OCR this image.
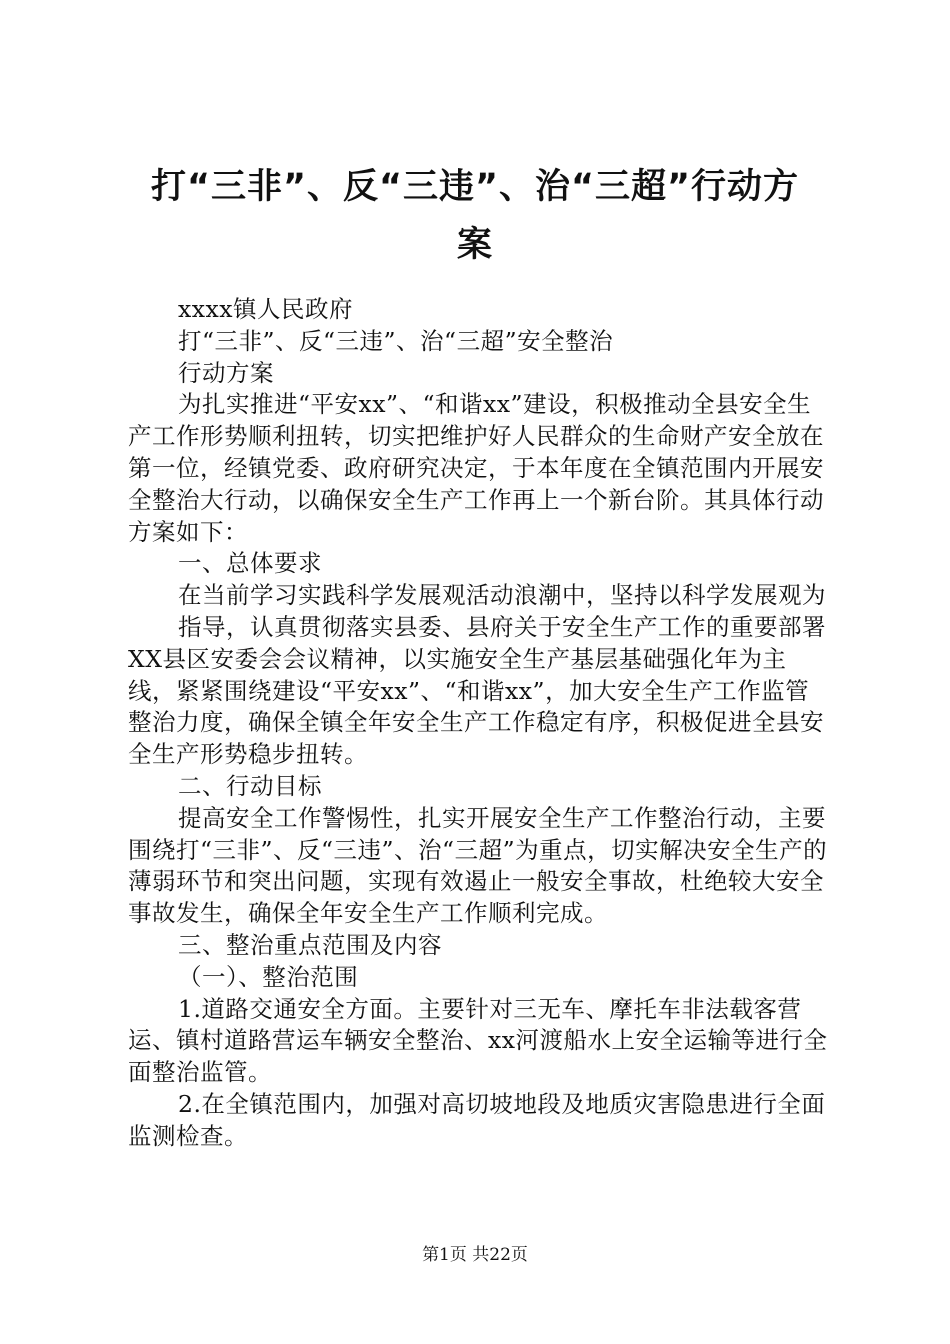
打“三非”、反“三违”、治“三超”行动方
案

xxxx镇人民政府

打“三非”、反“三违”、治“三超”安全整治

行动方案

为扎实推进“平安xx”、“和谐xx”建设，积极推动全县安全生产工作形势顺利扭转，切实把维护好人民群众的生命财产安全放在第一位，经镇党委、政府研究决定，于本年度在全镇范围内开展安全整治大行动，以确保安全生产工作再上一个新台阶。其具体行动方案如下：

一、总体要求

在当前学习实践科学发展观活动浪潮中，坚持以科学发展观为

指导，认真贯彻落实县委、县府关于安全生产工作的重要部署XX县区安委会会议精神，以实施安全生产基层基础强化年为主线，紧紧围绕建设“平安xx”、“和谐xx”，加大安全生产工作监管整治力度，确保全镇全年安全生产工作稳定有序，积极促进全县安全生产形势稳步扭转。

二、行动目标

提高安全工作警惕性，扎实开展安全生产工作整治行动，主要围绕打“三非”、反“三违”、治“三超”为重点，切实解决安全生产的薄弱环节和突出问题，实现有效遏止一般安全事故，杜绝较大安全事故发生，确保全年安全生产工作顺利完成。

三、整治重点范围及内容

（一）、整治范围

1.道路交通安全方面。主要针对三无车、摩托车非法载客营运、镇村道路营运车辆安全整治、xx河渡船水上安全运输等进行全面整治监管。

2.在全镇范围内，加强对高切坡地段及地质灾害隐患进行全面监测检查。

第1页 共22页
